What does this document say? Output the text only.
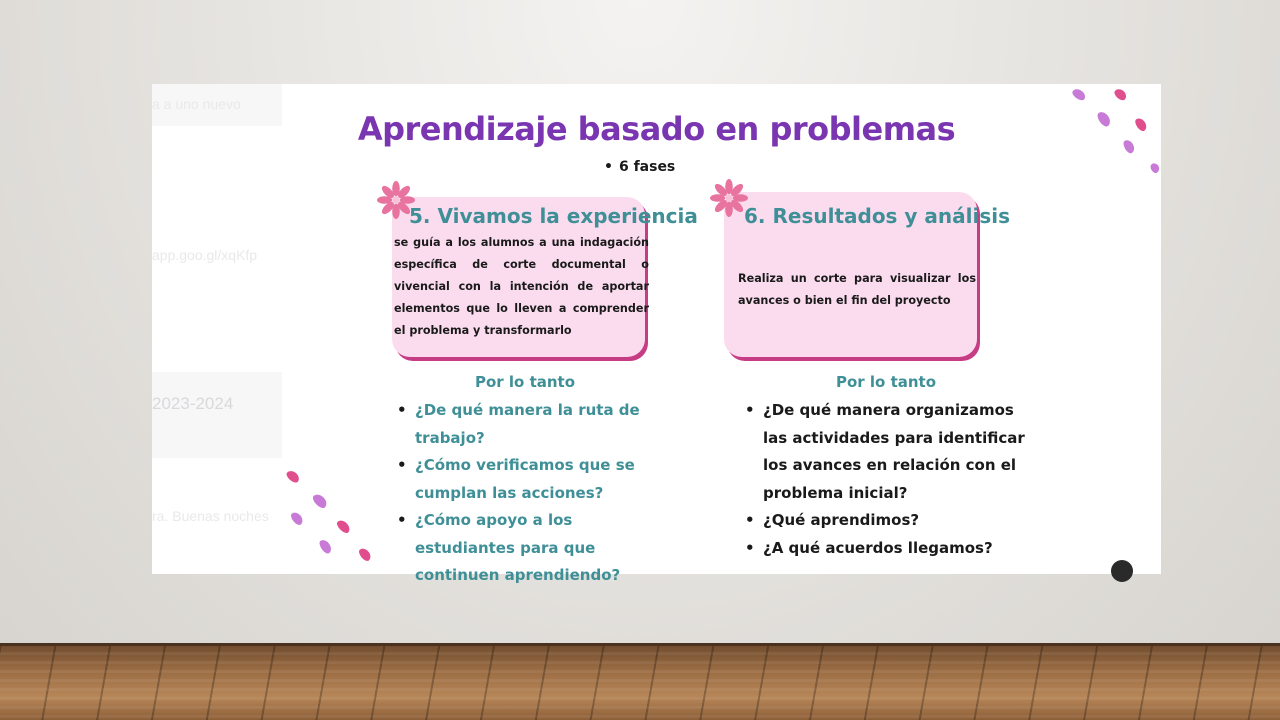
a a uno nuevo
app.goo.gl/xqKfp
2023-2024
ra. Buenas noches
Aprendizaje basado en problemas
• 6 fases
5. Vivamos la experiencia
se guía a los alumnos a una indagación específica de corte documental o vivencial con la intención de aportar elementos que lo lleven a comprender el problema y transformarlo
6. Resultados y análisis
Realiza un corte para visualizar los avances o bien el fin del proyecto
Por lo tanto
• ¿De qué manera la ruta de trabajo?
• ¿Cómo verificamos que se cumplan las acciones?
• ¿Cómo apoyo a los estudiantes para que continuen aprendiendo?
Por lo tanto
• ¿De qué manera organizamos las actividades para identificar los avances en relación con el problema inicial?
• ¿Qué aprendimos?
• ¿A qué acuerdos llegamos?
